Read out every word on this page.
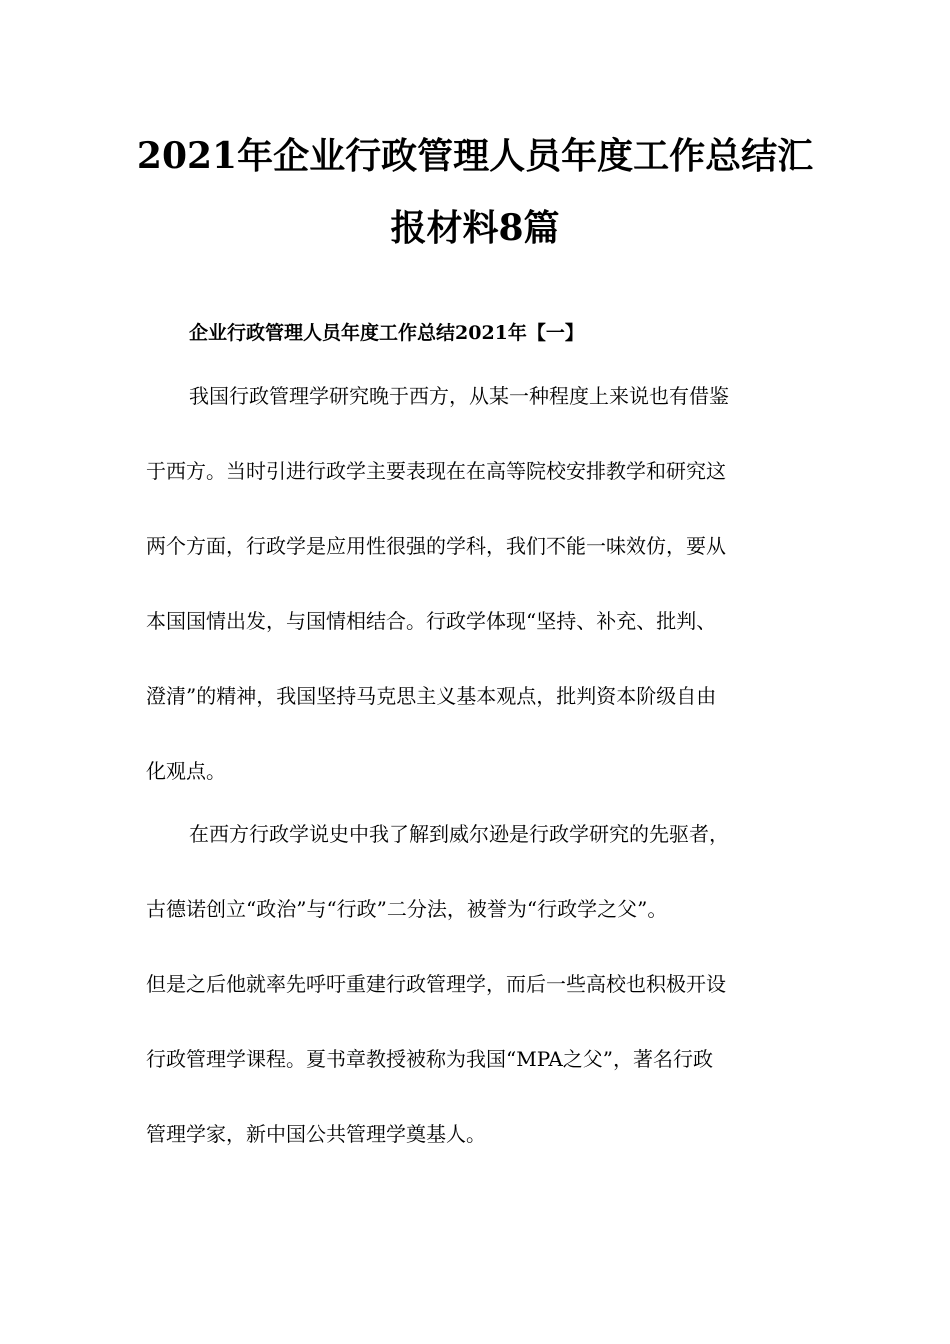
2021年企业行政管理人员年度工作总结汇
报材料8篇
企业行政管理人员年度工作总结2021年【一】
我国行政管理学研究晚于西方，从某一种程度上来说也有借鉴
于西方。当时引进行政学主要表现在在高等院校安排教学和研究这
两个方面，行政学是应用性很强的学科，我们不能一味效仿，要从
本国国情出发，与国情相结合。行政学体现“坚持、补充、批判、
澄清”的精神，我国坚持马克思主义基本观点，批判资本阶级自由
化观点。
在西方行政学说史中我了解到威尔逊是行政学研究的先驱者，
古德诺创立“政治”与“行政”二分法，被誉为“行政学之父”。
但是之后他就率先呼吁重建行政管理学，而后一些高校也积极开设
行政管理学课程。夏书章教授被称为我国“MPA之父”，著名行政
管理学家，新中国公共管理学奠基人。
